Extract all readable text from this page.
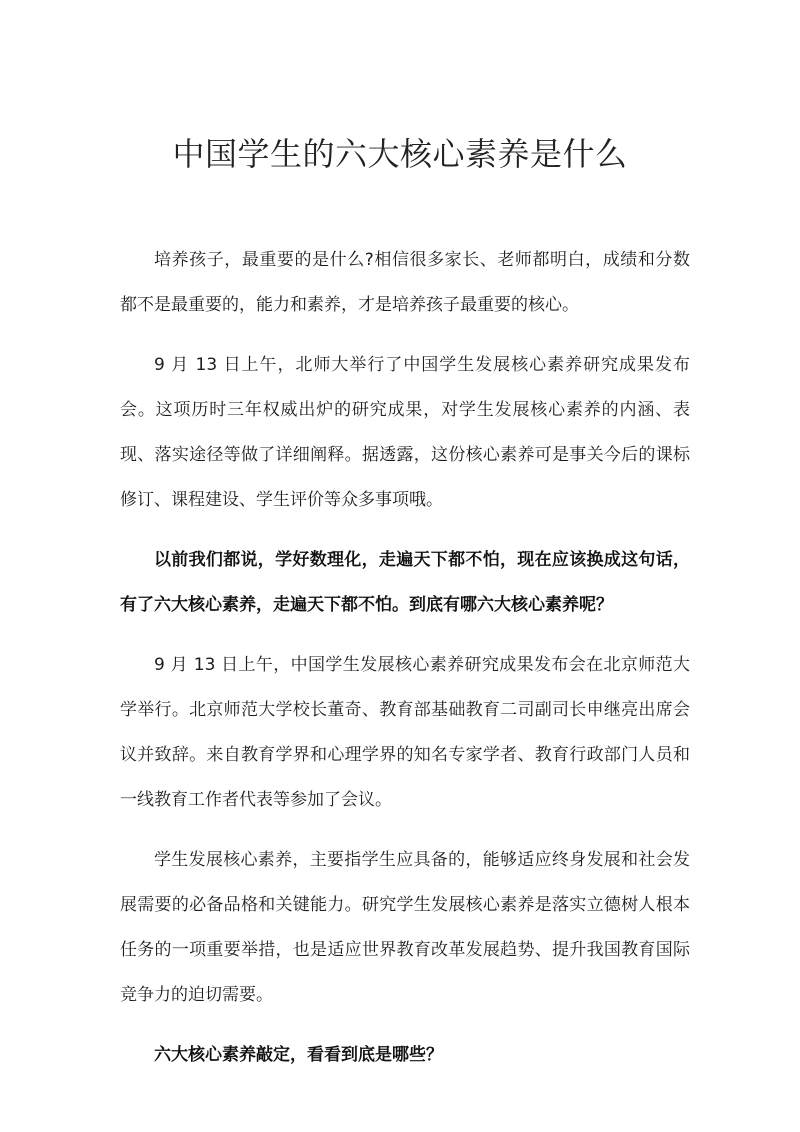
中国学生的六大核心素养是什么

培养孩子，最重要的是什么?相信很多家长、老师都明白，成绩和分数都不是最重要的，能力和素养，才是培养孩子最重要的核心。

9 月 13 日上午，北师大举行了中国学生发展核心素养研究成果发布会。这项历时三年权威出炉的研究成果，对学生发展核心素养的内涵、表现、落实途径等做了详细阐释。据透露，这份核心素养可是事关今后的课标修订、课程建设、学生评价等众多事项哦。

以前我们都说，学好数理化，走遍天下都不怕，现在应该换成这句话，有了六大核心素养，走遍天下都不怕。到底有哪六大核心素养呢？

9 月 13 日上午，中国学生发展核心素养研究成果发布会在北京师范大学举行。北京师范大学校长董奇、教育部基础教育二司副司长申继亮出席会议并致辞。来自教育学界和心理学界的知名专家学者、教育行政部门人员和一线教育工作者代表等参加了会议。

学生发展核心素养，主要指学生应具备的，能够适应终身发展和社会发展需要的必备品格和关键能力。研究学生发展核心素养是落实立德树人根本任务的一项重要举措，也是适应世界教育改革发展趋势、提升我国教育国际竞争力的迫切需要。

六大核心素养敲定，看看到底是哪些？
